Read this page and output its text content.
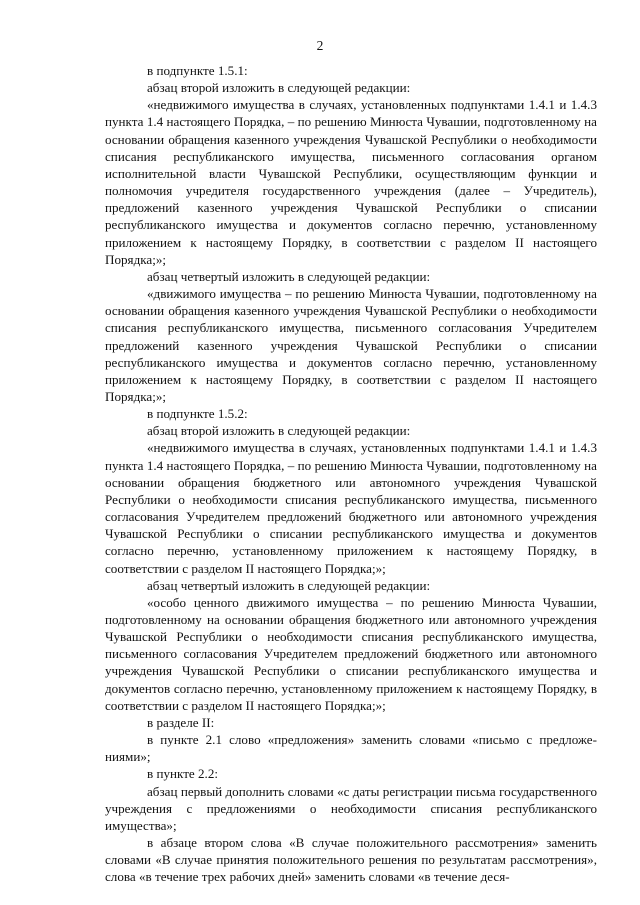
2

в подпункте 1.5.1:

абзац второй изложить в следующей редакции:

«недвижимого имущества в случаях, установленных подпунктами 1.4.1 и 1.4.3 пункта 1.4 настоящего Порядка, – по решению Минюста Чувашии, подготовленному на основании обращения казенного учреждения Чувашской Республики о необходимости списания республиканского имущества, письменного согласования органом исполнительной власти Чувашской Республики, осуществляющим функции и полномочия учредителя государственного учреждения (далее – Учредитель), предложений казенного учреждения Чувашской Республики о списании республиканского имущества и документов согласно перечню, установленному приложением к настоящему Порядку, в соответствии с разделом II настоящего Порядка;»;

абзац четвертый изложить в следующей редакции:

«движимого имущества – по решению Минюста Чувашии, подготовленному на основании обращения казенного учреждения Чувашской Республики о необходимости списания республиканского имущества, письменного согласования Учредителем предложений казенного учреждения Чувашской Республики о списании республиканского имущества и документов согласно перечню, установленному приложением к настоящему Порядку, в соответствии с разделом II настоящего Порядка;»;

в подпункте 1.5.2:

абзац второй изложить в следующей редакции:

«недвижимого имущества в случаях, установленных подпунктами 1.4.1 и 1.4.3 пункта 1.4 настоящего Порядка, – по решению Минюста Чувашии, подготовленному на основании обращения бюджетного или автономного учреждения Чувашской Республики о необходимости списания республиканского имущества, письменного согласования Учредителем предложений бюджетного или автономного учреждения Чувашской Республики о списании республиканского имущества и документов согласно перечню, установленному приложением к настоящему Порядку, в соответствии с разделом II настоящего Порядка;»;

абзац четвертый изложить в следующей редакции:

«особо ценного движимого имущества – по решению Минюста Чувашии, подготовленному на основании обращения бюджетного или автономного учреждения Чувашской Республики о необходимости списания республиканского имущества, письменного согласования Учредителем предложений бюджетного или автономного учреждения Чувашской Республики о списании республиканского имущества и документов согласно перечню, установленному приложением к настоящему Порядку, в соответствии с разделом II настоящего Порядка;»;

в разделе II:

в пункте 2.1 слово «предложения» заменить словами «письмо с предложениями»;

в пункте 2.2:

абзац первый дополнить словами «с даты регистрации письма государственного учреждения с предложениями о необходимости списания республиканского имущества»;

в абзаце втором слова «В случае положительного рассмотрения» заменить словами «В случае принятия положительного решения по результатам рассмотрения», слова «в течение трех рабочих дней» заменить словами «в течение деся-
